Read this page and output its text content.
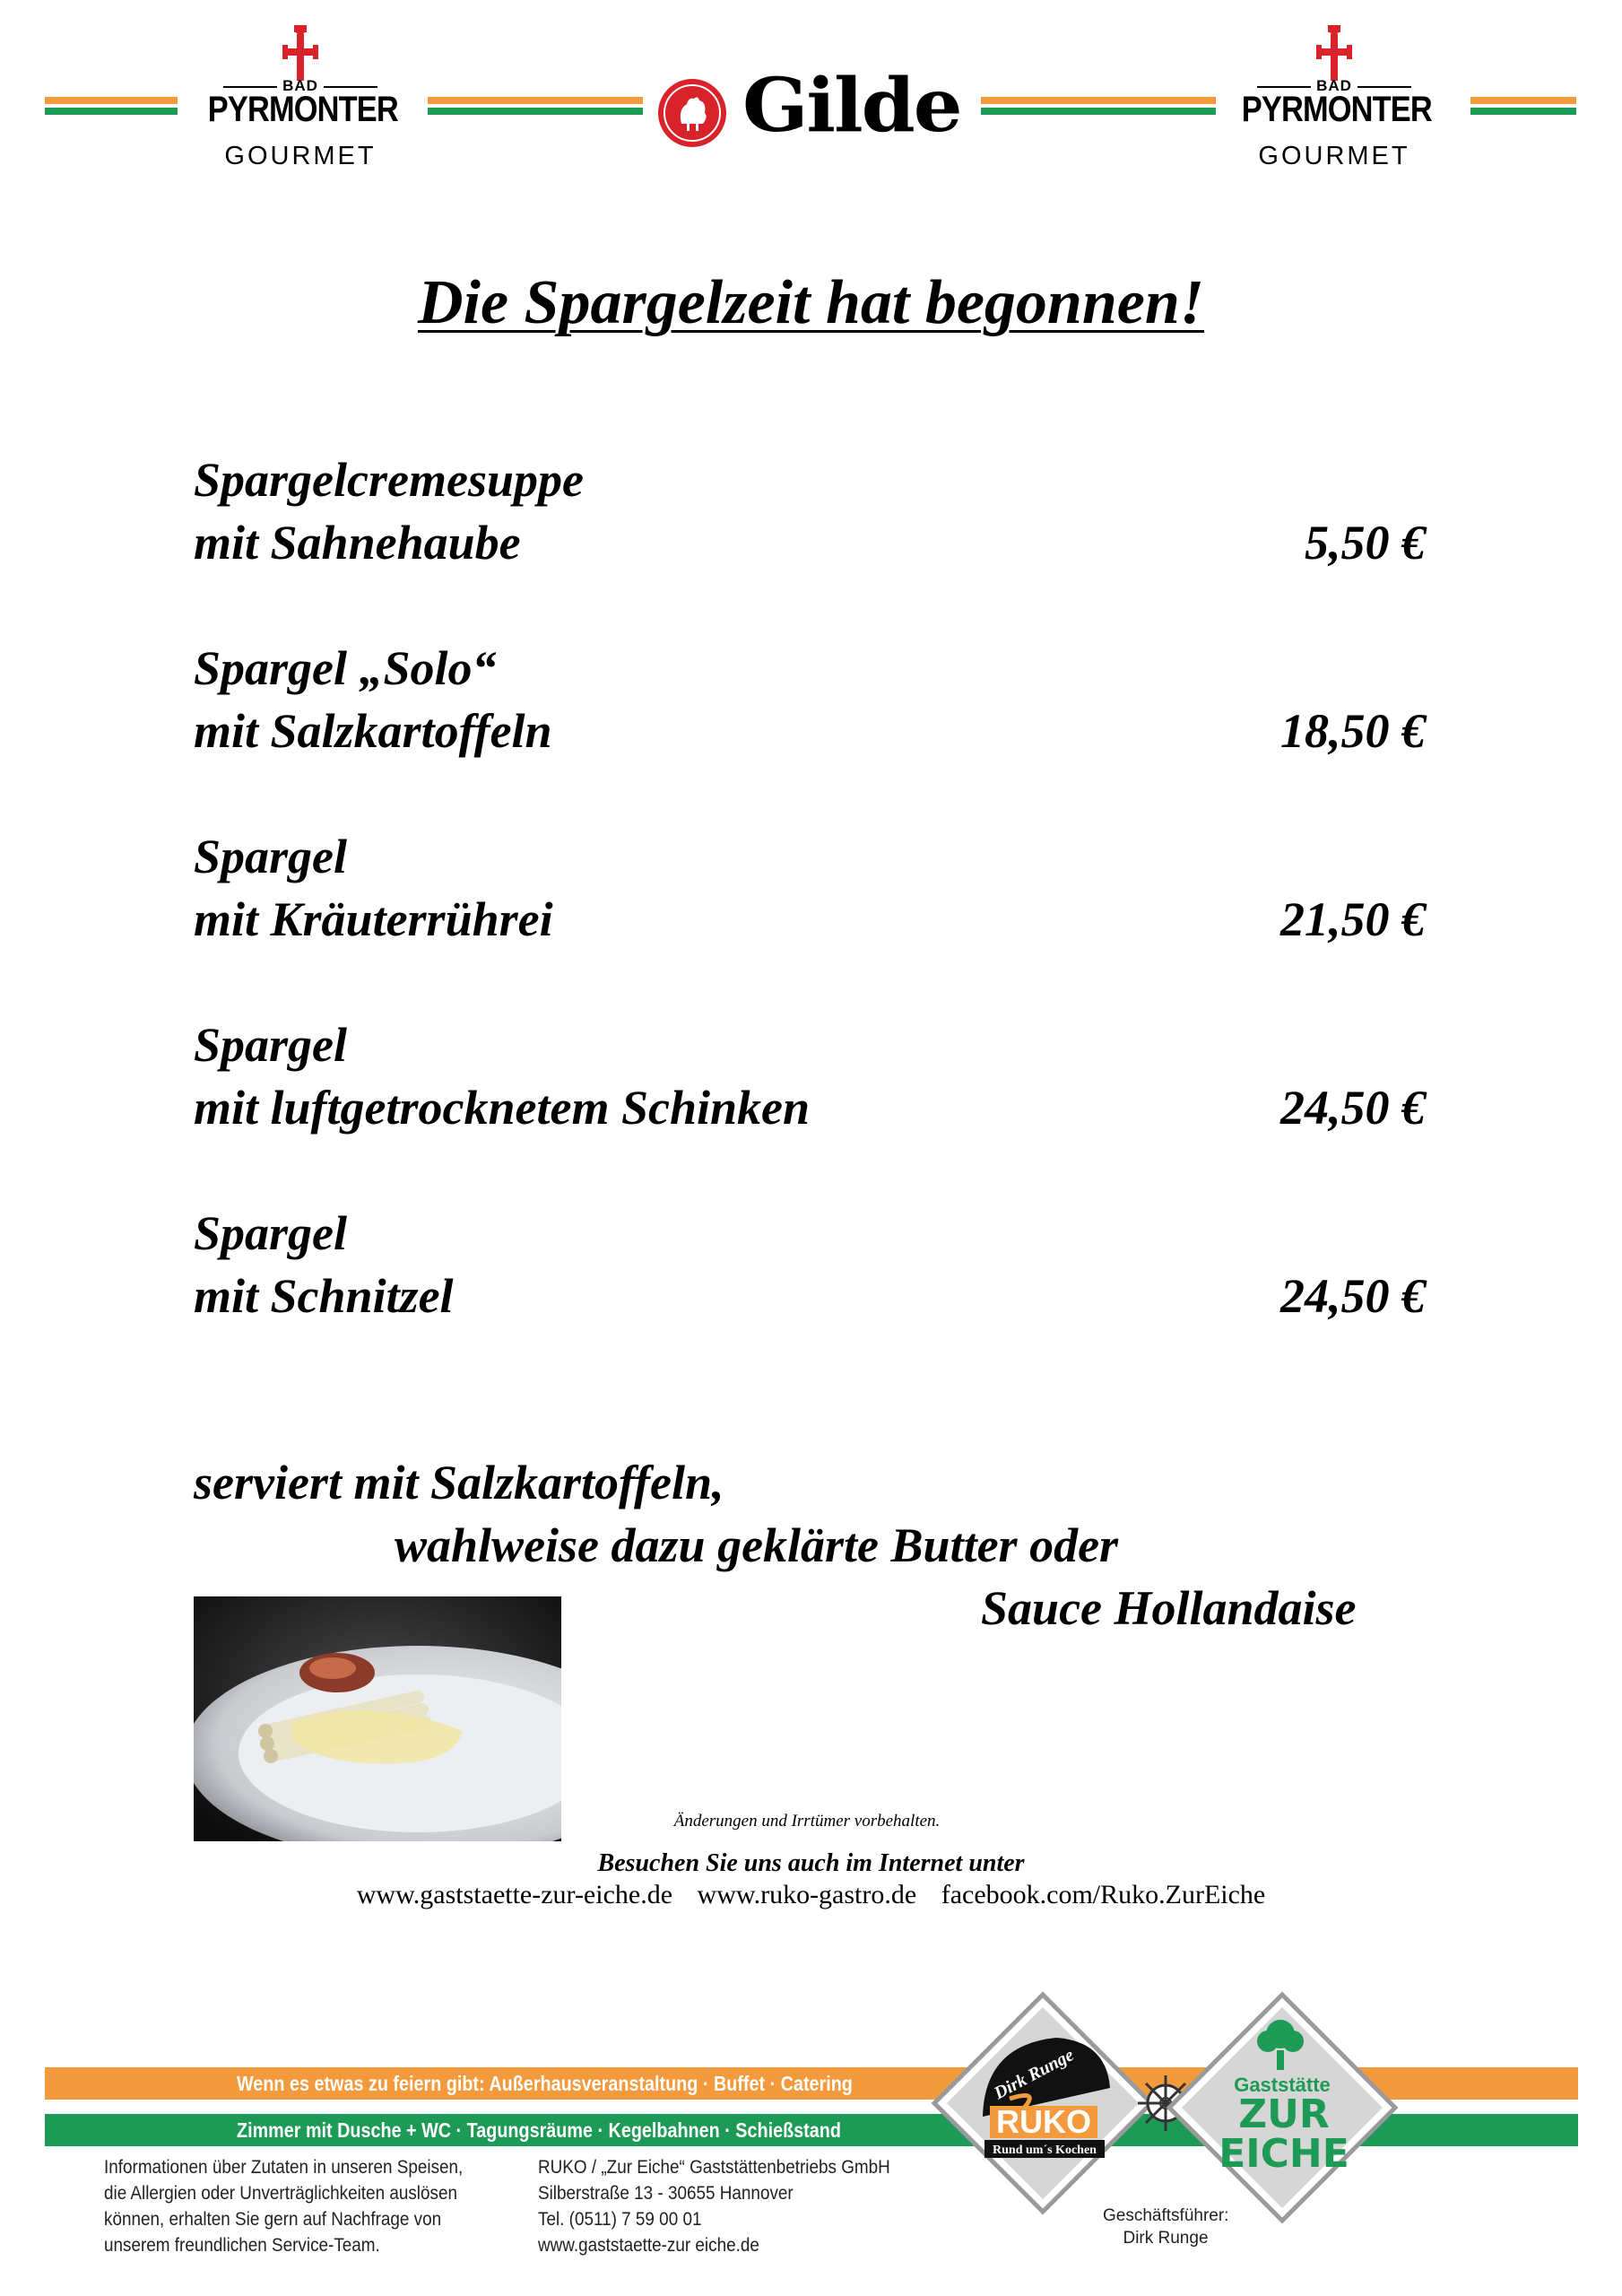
BAD
PYRMONTER
GOURMET
Gilde	BAD
PYRMONTER
GOURMET
Die Spargelzeit hat begonnen!
Spargelcremesuppe
mit Sahnehaube	5,50 €
Spargel „Solo“
mit Salzkartoffeln	18,50 €
Spargel
mit Kräuterrührei	21,50 €
Spargel
mit luftgetrocknetem Schinken	24,50 €
Spargel
mit Schnitzel	24,50 €
serviert mit Salzkartoffeln,
wahlweise dazu geklärte Butter oder
Sauce Hollandaise
Änderungen und Irrtümer vorbehalten.
Besuchen Sie uns auch im Internet unter
www.gaststaette-zur-eiche.de www.ruko-gastro.de facebook.com/Ruko.ZurEiche
Wenn es etwas zu feiern gibt: Außerhausveranstaltung · Buffet · Catering
Zimmer mit Dusche + WC · Tagungsräume · Kegelbahnen · Schießstand
Informationen über Zutaten in unseren Speisen,
die Allergien oder Unverträglichkeiten auslösen
können, erhalten Sie gern auf Nachfrage von
unserem freundlichen Service-Team.
RUKO / „Zur Eiche“ Gaststättenbetriebs GmbH
Silberstraße 13 - 30655 Hannover
Tel. (0511) 7 59 00 01
www.gaststaette-zur eiche.de
Geschäftsführer:
Dirk Runge
Dirk Runge
RUKO
Rund um´s Kochen
Gaststätte
ZUR
EICHE
